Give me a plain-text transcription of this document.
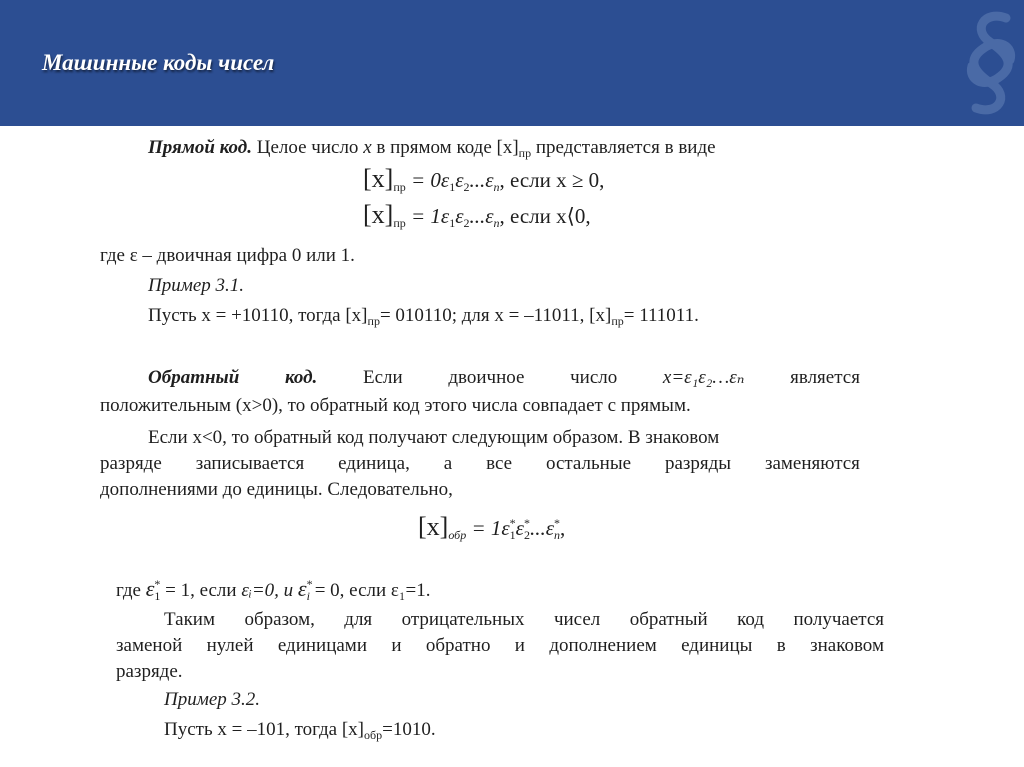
Машинные коды чисел
Прямой код. Целое число x в прямом коде $[x]_{пр}$ представляется в виде
$[x]_{пр} = 0\varepsilon_1\varepsilon_2...\varepsilon_n$, если x ≥ 0,
$[x]_{пр} = 1\varepsilon_1\varepsilon_2...\varepsilon_n$, если x⟨0,
где ε – двоичная цифра 0 или 1.
Пример 3.1.
Пусть x = +10110, тогда $[x]_{пр}= 010110$; для x = –11011, $[x]_{пр}= 111011$.
Обратный код. Если двоичное число x=ε₁ε₂…εₙ является
положительным (x>0), то обратный код этого числа совпадает с прямым.
Если x<0, то обратный код получают следующим образом. В знаковом
разряде записывается единица, а все остальные разряды заменяются
дополнениями до единицы. Следовательно,
$[x]_{обр} = 1\varepsilon^*_1\varepsilon^*_2...\varepsilon^*_n$,
где $\varepsilon^*_1 = 1$, если εᵢ=0, и $\varepsilon^*_i = 0$, если ε₁=1.
Таким образом, для отрицательных чисел обратный код получается
заменой нулей единицами и обратно и дополнением единицы в знаковом
разряде.
Пример 3.2.
Пусть x = –101, тогда $[x]_{обр}=1010$.
